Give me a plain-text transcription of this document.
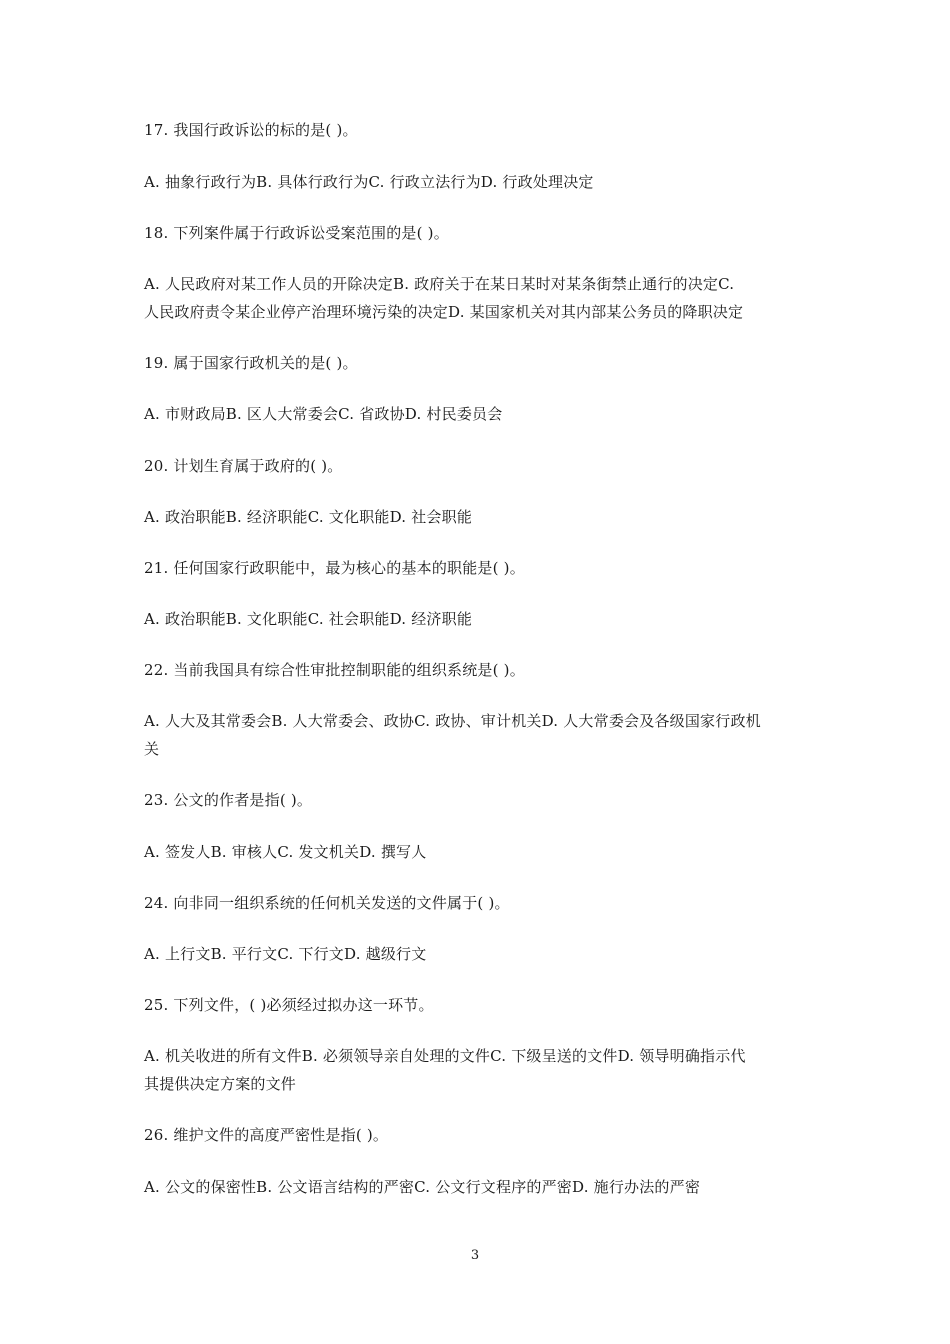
17. 我国行政诉讼的标的是( )。
A. 抽象行政行为B. 具体行政行为C. 行政立法行为D. 行政处理决定
18. 下列案件属于行政诉讼受案范围的是( )。
A. 人民政府对某工作人员的开除决定B. 政府关于在某日某时对某条街禁止通行的决定C.
人民政府责令某企业停产治理环境污染的决定D. 某国家机关对其内部某公务员的降职决定
19. 属于国家行政机关的是( )。
A. 市财政局B. 区人大常委会C. 省政协D. 村民委员会
20. 计划生育属于政府的( )。
A. 政治职能B. 经济职能C. 文化职能D. 社会职能
21. 任何国家行政职能中，最为核心的基本的职能是( )。
A. 政治职能B. 文化职能C. 社会职能D. 经济职能
22. 当前我国具有综合性审批控制职能的组织系统是( )。
A. 人大及其常委会B. 人大常委会、政协C. 政协、审计机关D. 人大常委会及各级国家行政机
关
23. 公文的作者是指( )。
A. 签发人B. 审核人C. 发文机关D. 撰写人
24. 向非同一组织系统的任何机关发送的文件属于( )。
A. 上行文B. 平行文C. 下行文D. 越级行文
25. 下列文件，( )必须经过拟办这一环节。
A. 机关收进的所有文件B. 必须领导亲自处理的文件C. 下级呈送的文件D. 领导明确指示代
其提供决定方案的文件
26. 维护文件的高度严密性是指( )。
A. 公文的保密性B. 公文语言结构的严密C. 公文行文程序的严密D. 施行办法的严密
3
